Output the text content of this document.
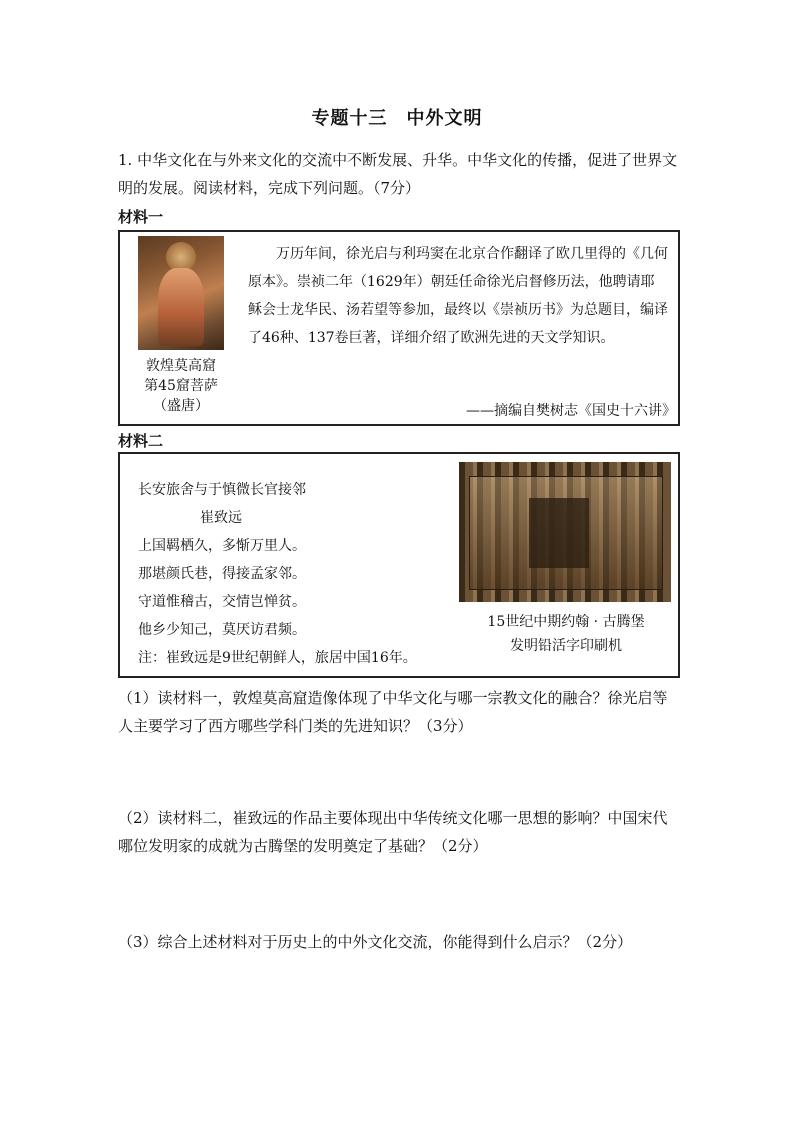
专题十三　中外文明
1. 中华文化在与外来文化的交流中不断发展、升华。中华文化的传播，促进了世界文明的发展。阅读材料，完成下列问题。（7分）
材料一
敦煌莫高窟
第45窟菩萨
（盛唐）
　　万历年间，徐光启与利玛窦在北京合作翻译了欧几里得的《几何原本》。崇祯二年（1629年）朝廷任命徐光启督修历法，他聘请耶稣会士龙华民、汤若望等参加，最终以《崇祯历书》为总题目，编译了46种、137卷巨著，详细介绍了欧洲先进的天文学知识。
——摘编自樊树志《国史十六讲》
材料二
长安旅舍与于慎微长官接邻
崔致远
上国羁栖久，多惭万里人。
那堪颜氏巷，得接孟家邻。
守道惟稽古，交情岂惮贫。
他乡少知己，莫厌访君频。
注：崔致远是9世纪朝鲜人，旅居中国16年。
15世纪中期约翰 · 古腾堡
发明铅活字印刷机
（1）读材料一，敦煌莫高窟造像体现了中华文化与哪一宗教文化的融合？徐光启等人主要学习了西方哪些学科门类的先进知识？（3分）
（2）读材料二，崔致远的作品主要体现出中华传统文化哪一思想的影响？中国宋代哪位发明家的成就为古腾堡的发明奠定了基础？（2分）
（3）综合上述材料对于历史上的中外文化交流，你能得到什么启示？（2分）
